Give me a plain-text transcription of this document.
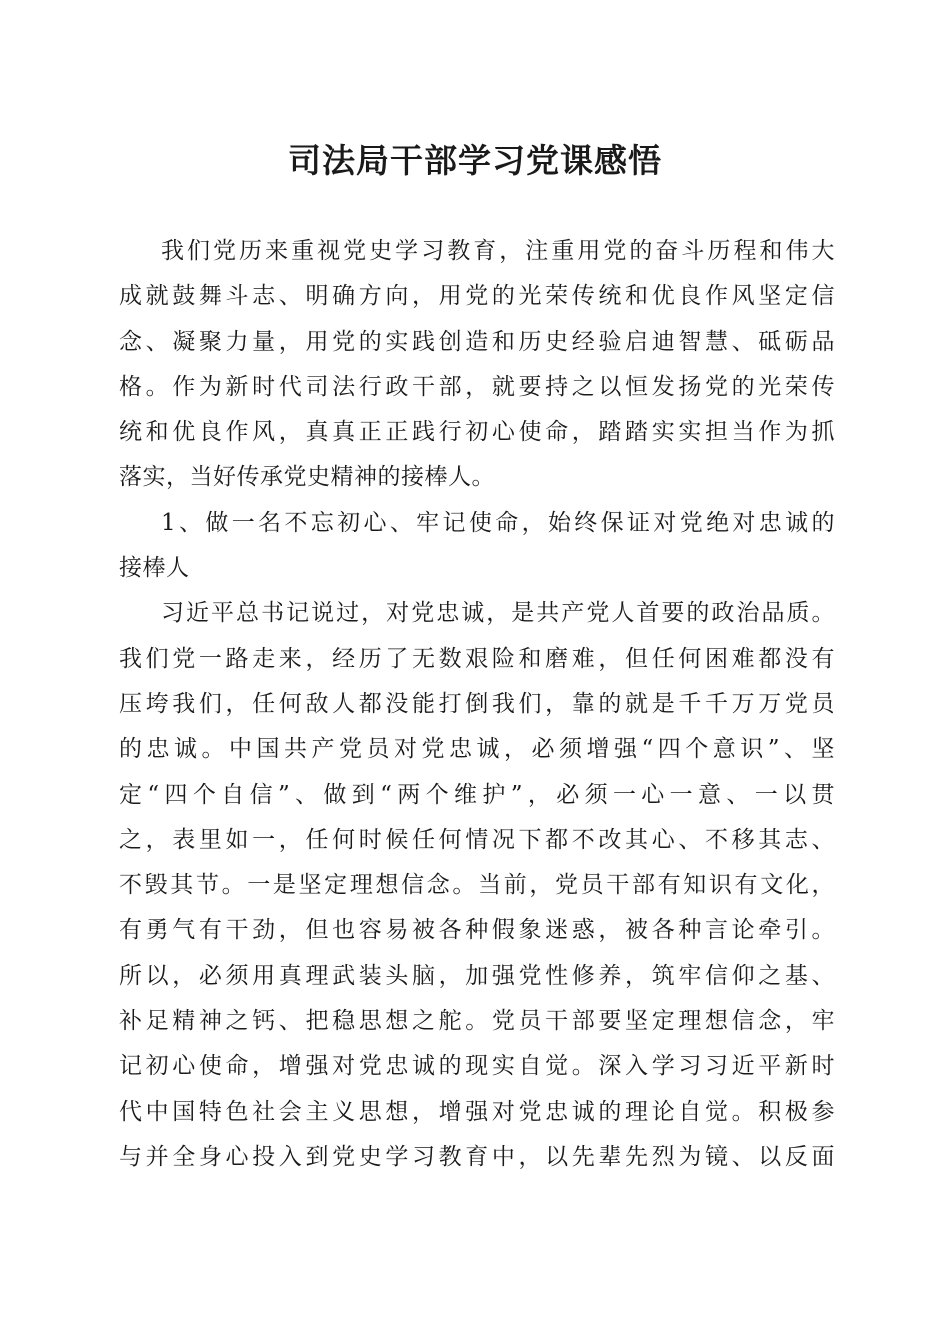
司法局干部学习党课感悟
我们党历来重视党史学习教育，注重用党的奋斗历程和伟大
成就鼓舞斗志、明确方向，用党的光荣传统和优良作风坚定信
念、凝聚力量，用党的实践创造和历史经验启迪智慧、砥砺品
格。作为新时代司法行政干部，就要持之以恒发扬党的光荣传
统和优良作风，真真正正践行初心使命，踏踏实实担当作为抓
落实，当好传承党史精神的接棒人。
1、做一名不忘初心、牢记使命，始终保证对党绝对忠诚的
接棒人
习近平总书记说过，对党忠诚，是共产党人首要的政治品质。
我们党一路走来，经历了无数艰险和磨难，但任何困难都没有
压垮我们，任何敌人都没能打倒我们，靠的就是千千万万党员
的忠诚。中国共产党员对党忠诚，必须增强“四个意识”、坚
定“四个自信”、做到“两个维护”，必须一心一意、一以贯
之，表里如一，任何时候任何情况下都不改其心、不移其志、
不毁其节。一是坚定理想信念。当前，党员干部有知识有文化，
有勇气有干劲，但也容易被各种假象迷惑，被各种言论牵引。
所以，必须用真理武装头脑，加强党性修养，筑牢信仰之基、
补足精神之钙、把稳思想之舵。党员干部要坚定理想信念，牢
记初心使命，增强对党忠诚的现实自觉。深入学习习近平新时
代中国特色社会主义思想，增强对党忠诚的理论自觉。积极参
与并全身心投入到党史学习教育中，以先辈先烈为镜、以反面
